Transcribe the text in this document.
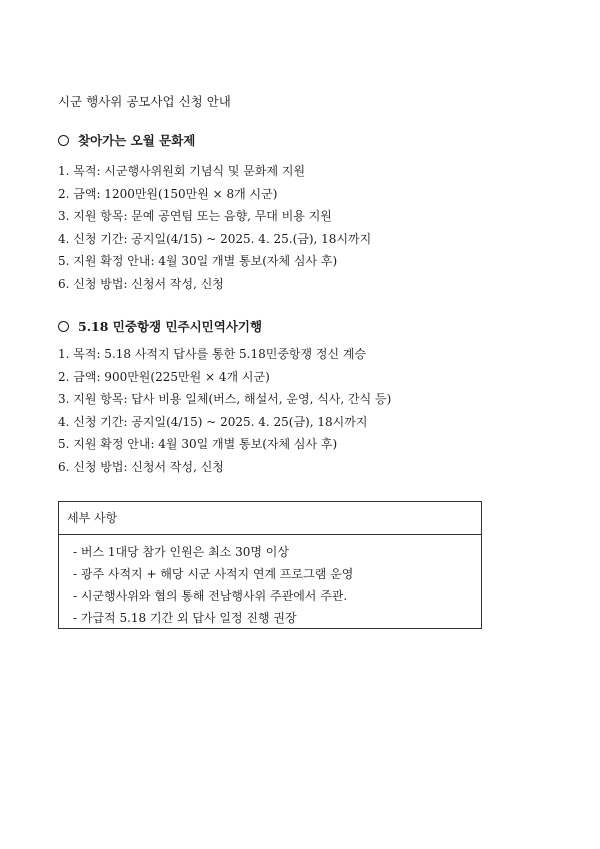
시군 행사위 공모사업 신청 안내
찾아가는 오월 문화제
1. 목적: 시군행사위원회 기념식 및 문화제 지원
2. 금액: 1200만원(150만원 × 8개 시군)
3. 지원 항목: 문예 공연팀 또는 음향, 무대 비용 지원
4. 신청 기간: 공지일(4/15) ~ 2025. 4. 25.(금), 18시까지
5. 지원 확정 안내: 4월 30일 개별 통보(자체 심사 후)
6. 신청 방법: 신청서 작성, 신청
5.18 민중항쟁 민주시민역사기행
1. 목적: 5.18 사적지 답사를 통한 5.18민중항쟁 정신 계승
2. 금액: 900만원(225만원 × 4개 시군)
3. 지원 항목: 답사 비용 일체(버스, 해설서, 운영, 식사, 간식 등)
4. 신청 기간: 공지일(4/15) ~ 2025. 4. 25(금), 18시까지
5. 지원 확정 안내: 4월 30일 개별 통보(자체 심사 후)
6. 신청 방법: 신청서 작성, 신청
세부 사항
- 버스 1대당 참가 인원은 최소 30명 이상
- 광주 사적지 + 해당 시군 사적지 연계 프로그램 운영
- 시군행사위와 협의 통해 전남행사위 주관에서 주관.
- 가급적 5.18 기간 외 답사 일정 진행 권장
